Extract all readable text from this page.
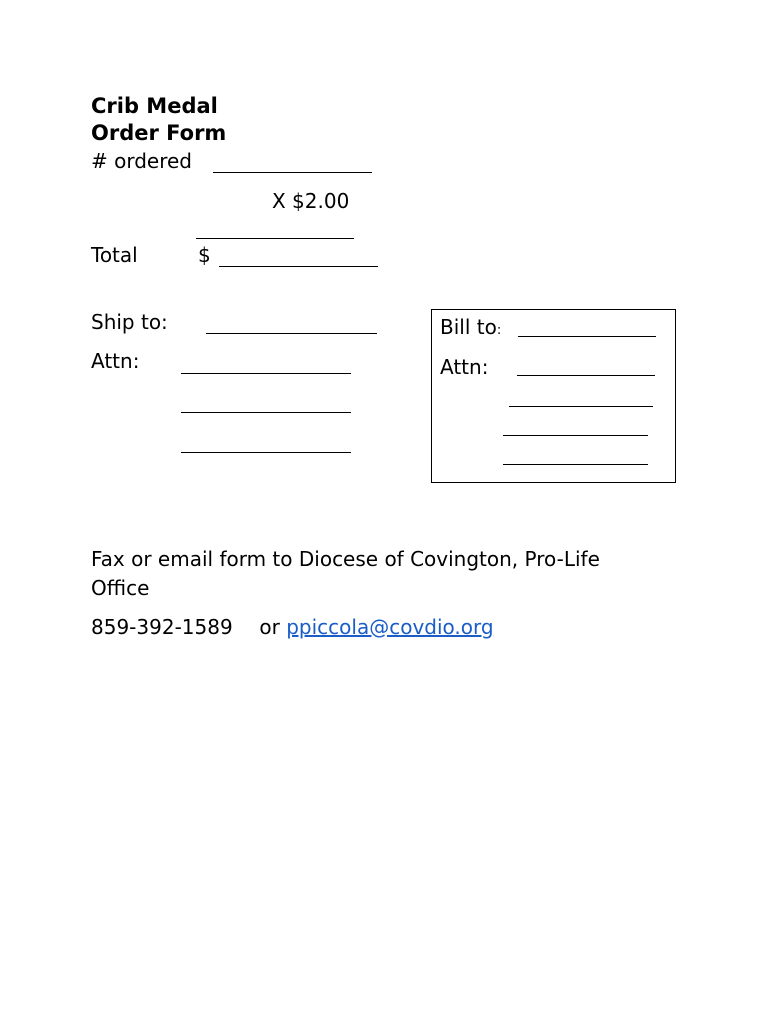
Crib Medal
Order Form
# ordered
X $2.00
Total	$
Ship to:
Attn:
Bill to:
Attn:
Fax or email form to Diocese of Covington, Pro-Life
Office
859-392-1589 or ppiccola@covdio.org
